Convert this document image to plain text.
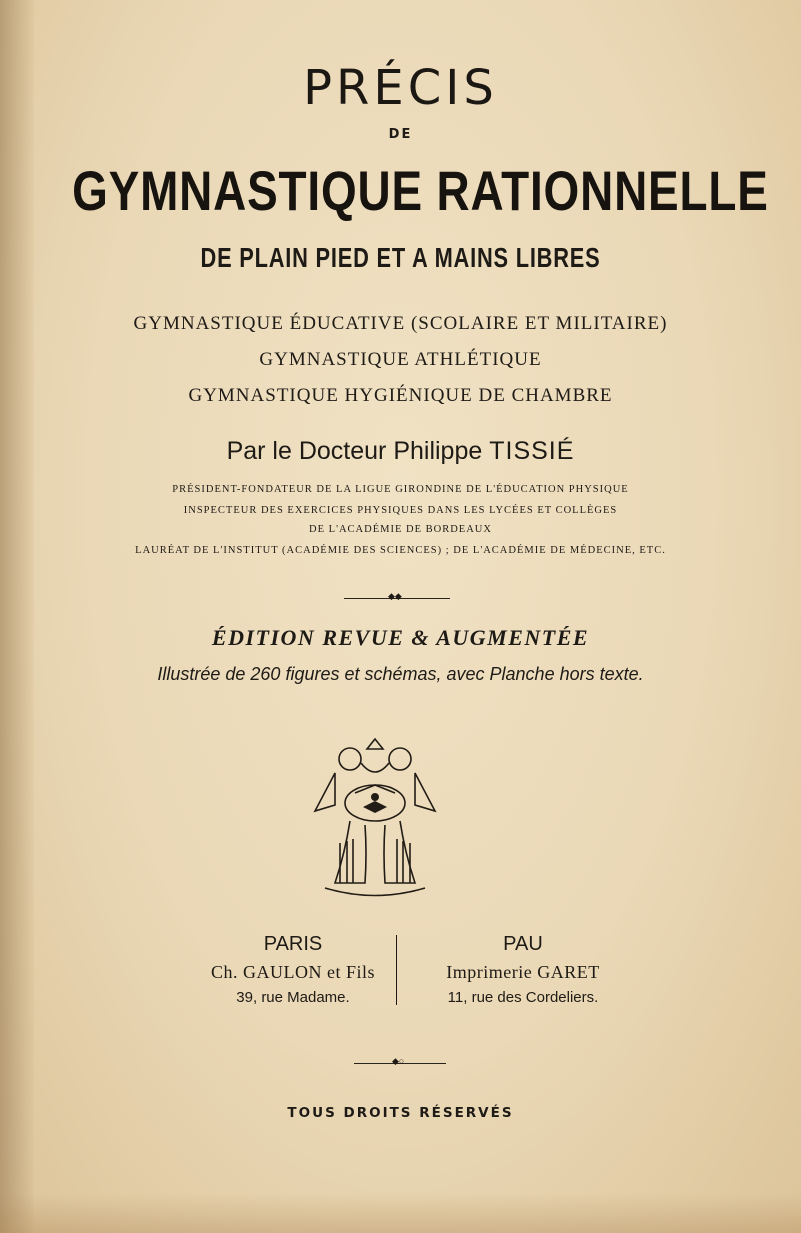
PRÉCIS
DE
GYMNASTIQUE RATIONNELLE
DE PLAIN PIED ET A MAINS LIBRES
GYMNASTIQUE ÉDUCATIVE (SCOLAIRE ET MILITAIRE)
GYMNASTIQUE ATHLÉTIQUE
GYMNASTIQUE HYGIÉNIQUE DE CHAMBRE
Par le Docteur Philippe TISSIÉ
PRÉSIDENT-FONDATEUR DE LA LIGUE GIRONDINE DE L'ÉDUCATION PHYSIQUE
INSPECTEUR DES EXERCICES PHYSIQUES DANS LES LYCÉES ET COLLÈGES
DE L'ACADÉMIE DE BORDEAUX
LAURÉAT DE L'INSTITUT (ACADÉMIE DES SCIENCES) ; DE L'ACADÉMIE DE MÉDECINE, ETC.
◆◆
ÉDITION REVUE & AUGMENTÉE
Illustrée de 260 figures et schémas, avec Planche hors texte.
PARIS
Ch. GAULON et Fils
39, rue Madame.
PAU
Imprimerie GARET
11, rue des Cordeliers.
◆○
TOUS DROITS RÉSERVÉS
